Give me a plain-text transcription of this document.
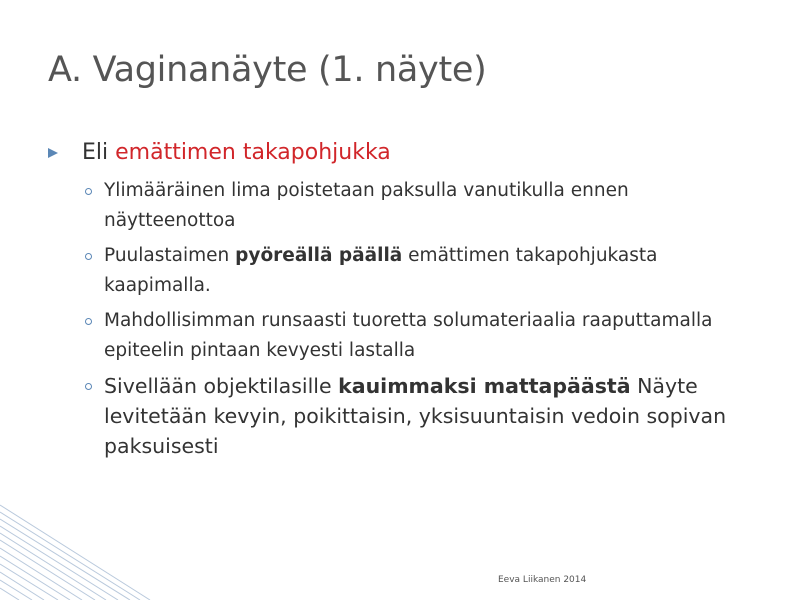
A. Vaginanäyte (1. näyte)
Eli emättimen takapohjukka
Ylimääräinen lima poistetaan paksulla vanutikulla ennen näytteenottoa
Puulastaimen pyöreällä päällä emättimen takapohjukasta kaapimalla.
Mahdollisimman runsaasti tuoretta solumateriaalia raaputtamalla epiteelin pintaan kevyesti lastalla
Sivellään objektilasille kauimmaksi mattapäästä Näyte levitetään kevyin, poikittaisin, yksisuuntaisin vedoin sopivan paksuisesti
Eeva Liikanen 2014
